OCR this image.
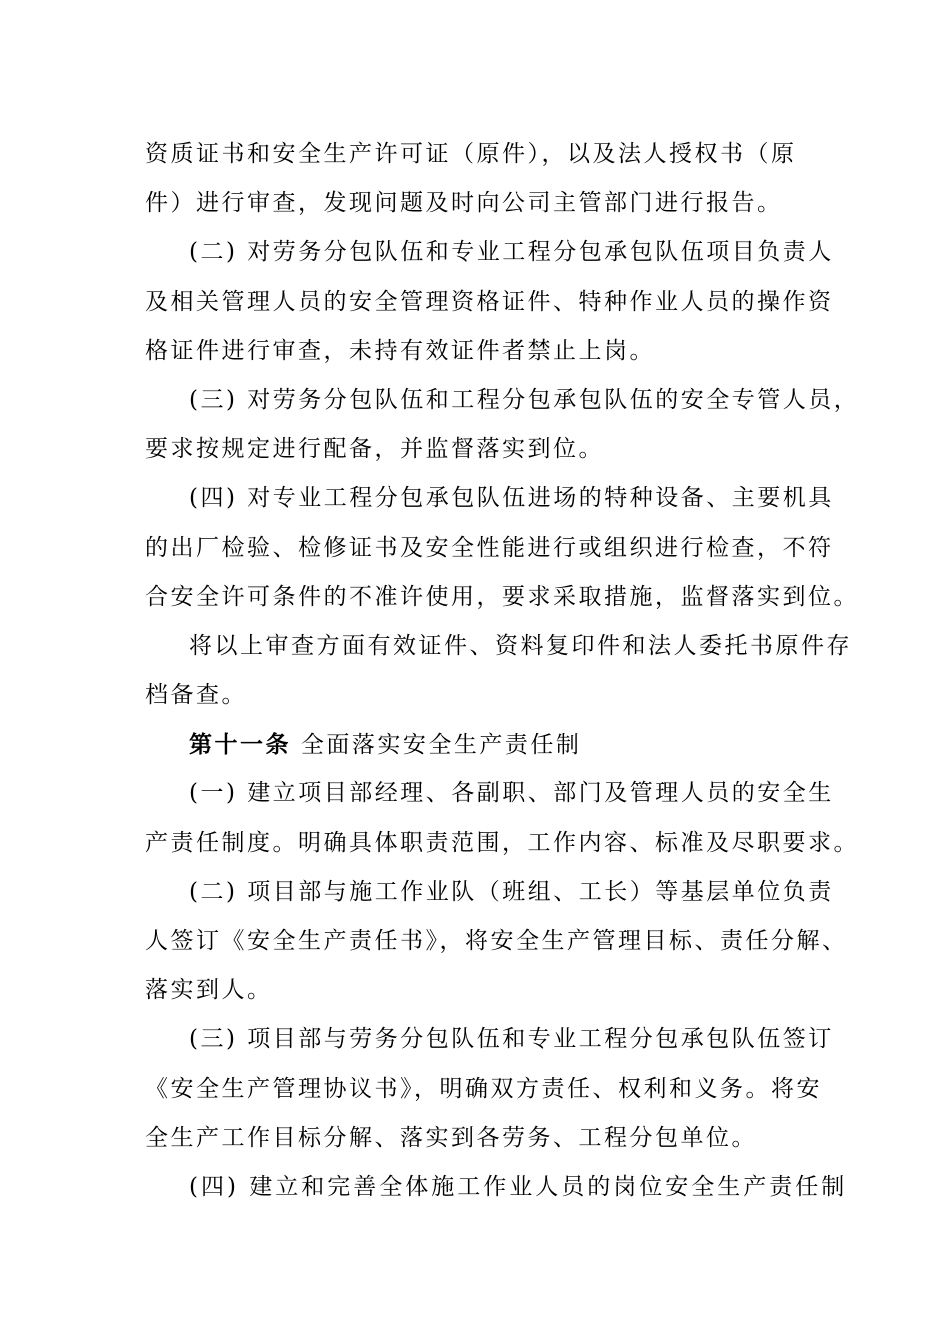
资质证书和安全生产许可证（原件），以及法人授权书（原
件）进行审查，发现问题及时向公司主管部门进行报告。
(二) 对劳务分包队伍和专业工程分包承包队伍项目负责人
及相关管理人员的安全管理资格证件、特种作业人员的操作资
格证件进行审查，未持有效证件者禁止上岗。
(三) 对劳务分包队伍和工程分包承包队伍的安全专管人员，
要求按规定进行配备，并监督落实到位。
(四) 对专业工程分包承包队伍进场的特种设备、主要机具
的出厂检验、检修证书及安全性能进行或组织进行检查，不符
合安全许可条件的不准许使用，要求采取措施，监督落实到位。
将以上审查方面有效证件、资料复印件和法人委托书原件存
档备查。
第十一条 全面落实安全生产责任制
(一) 建立项目部经理、各副职、部门及管理人员的安全生
产责任制度。明确具体职责范围，工作内容、标准及尽职要求。
(二) 项目部与施工作业队（班组、工长）等基层单位负责
人签订《安全生产责任书》，将安全生产管理目标、责任分解、
落实到人。
(三) 项目部与劳务分包队伍和专业工程分包承包队伍签订
《安全生产管理协议书》，明确双方责任、权利和义务。将安
全生产工作目标分解、落实到各劳务、工程分包单位。
(四) 建立和完善全体施工作业人员的岗位安全生产责任制
